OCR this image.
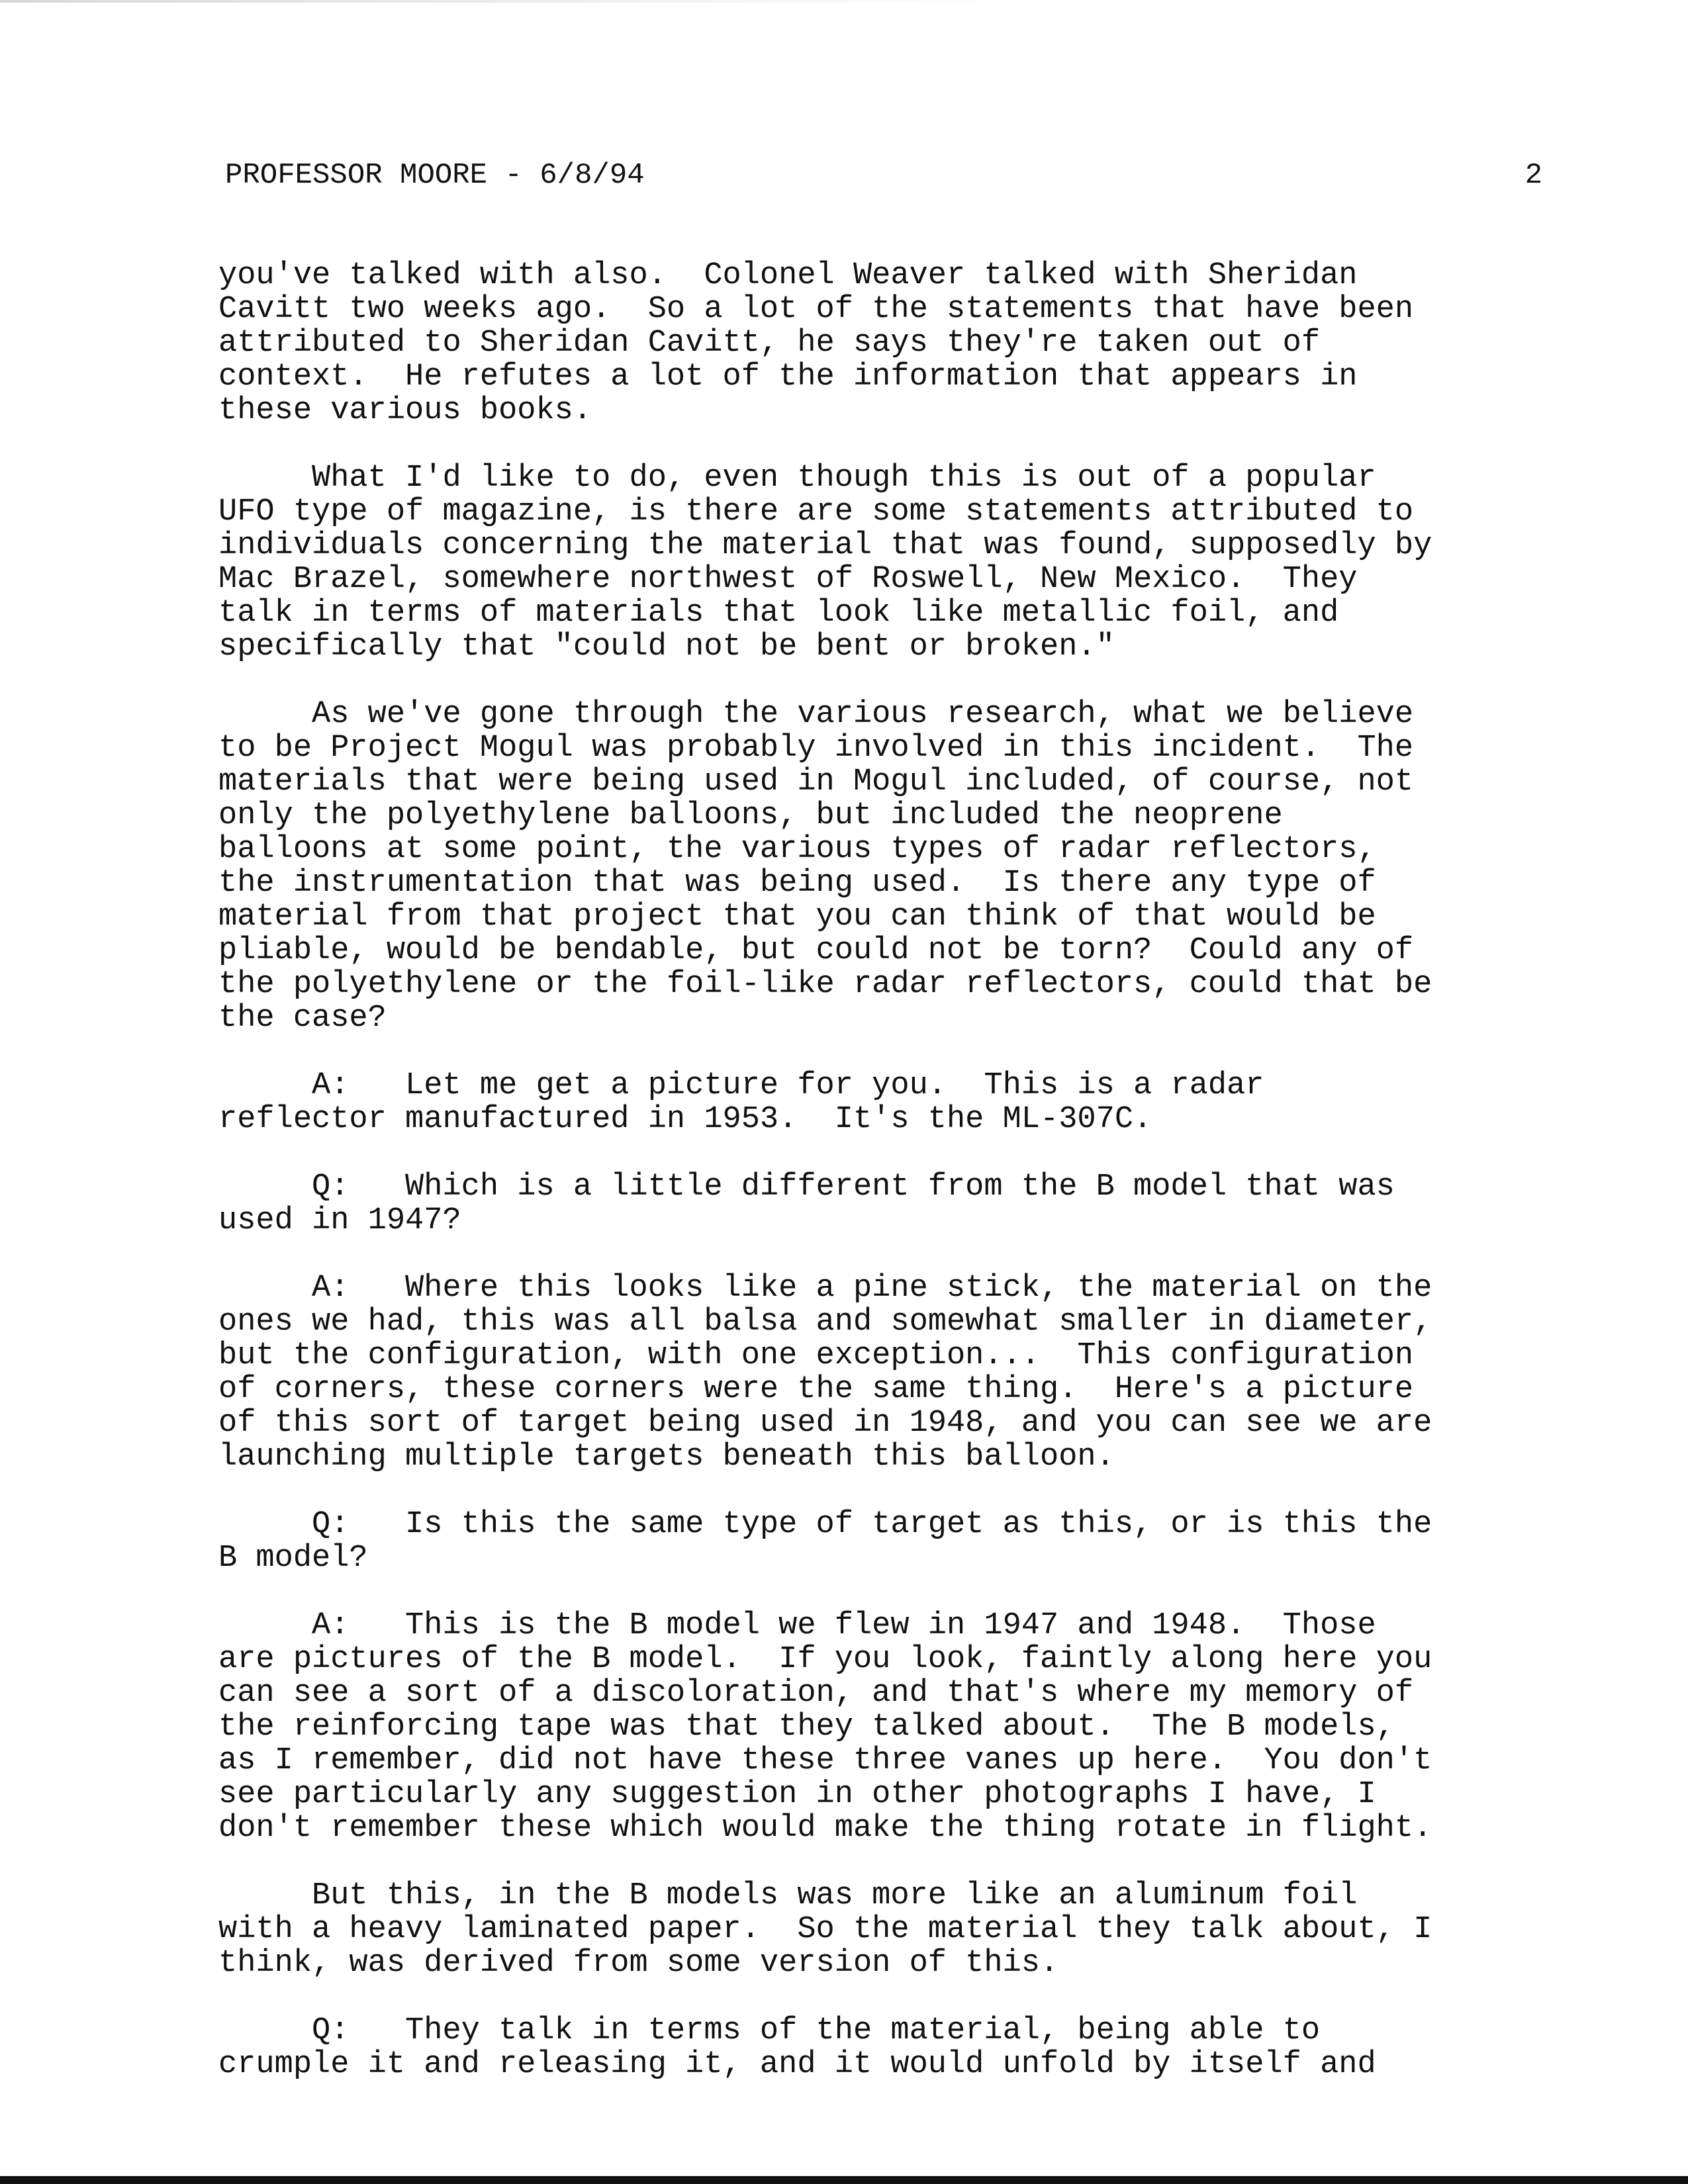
PROFESSOR MOORE - 6/8/94	2

you've talked with also.  Colonel Weaver talked with Sheridan
Cavitt two weeks ago.  So a lot of the statements that have been
attributed to Sheridan Cavitt, he says they're taken out of
context.  He refutes a lot of the information that appears in
these various books.

What I'd like to do, even though this is out of a popular
UFO type of magazine, is there are some statements attributed to
individuals concerning the material that was found, supposedly by
Mac Brazel, somewhere northwest of Roswell, New Mexico.  They
talk in terms of materials that look like metallic foil, and
specifically that "could not be bent or broken."

As we've gone through the various research, what we believe
to be Project Mogul was probably involved in this incident.  The
materials that were being used in Mogul included, of course, not
only the polyethylene balloons, but included the neoprene
balloons at some point, the various types of radar reflectors,
the instrumentation that was being used.  Is there any type of
material from that project that you can think of that would be
pliable, would be bendable, but could not be torn?  Could any of
the polyethylene or the foil-like radar reflectors, could that be
the case?

A:   Let me get a picture for you.  This is a radar
reflector manufactured in 1953.  It's the ML-307C.

Q:   Which is a little different from the B model that was
used in 1947?

A:   Where this looks like a pine stick, the material on the
ones we had, this was all balsa and somewhat smaller in diameter,
but the configuration, with one exception...  This configuration
of corners, these corners were the same thing.  Here's a picture
of this sort of target being used in 1948, and you can see we are
launching multiple targets beneath this balloon.

Q:   Is this the same type of target as this, or is this the
B model?

A:   This is the B model we flew in 1947 and 1948.  Those
are pictures of the B model.  If you look, faintly along here you
can see a sort of a discoloration, and that's where my memory of
the reinforcing tape was that they talked about.  The B models,
as I remember, did not have these three vanes up here.  You don't
see particularly any suggestion in other photographs I have, I
don't remember these which would make the thing rotate in flight.

But this, in the B models was more like an aluminum foil
with a heavy laminated paper.  So the material they talk about, I
think, was derived from some version of this.

Q:   They talk in terms of the material, being able to
crumple it and releasing it, and it would unfold by itself and
